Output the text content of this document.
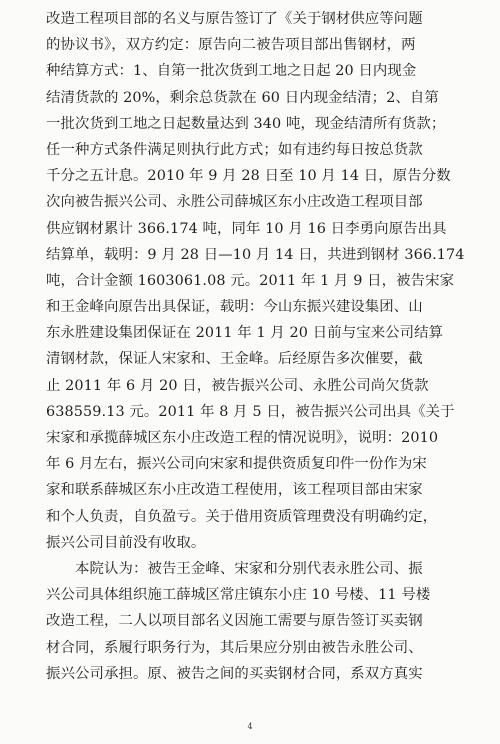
改造工程项目部的名义与原告签订了《关于钢材供应等问题
的协议书》，双方约定：原告向二被告项目部出售钢材，两
种结算方式：1、自第一批次货到工地之日起 20 日内现金
结清货款的 20%，剩余总货款在 60 日内现金结清；2、自第
一批次货到工地之日起数量达到 340 吨，现金结清所有货款；
任一种方式条件满足则执行此方式；如有违约每日按总货款
千分之五计息。2010 年 9 月 28 日至 10 月 14 日，原告分数
次向被告振兴公司、永胜公司薛城区东小庄改造工程项目部
供应钢材累计 366.174 吨，同年 10 月 16 日李勇向原告出具
结算单，载明：9 月 28 日—10 月 14 日，共进到钢材 366.174
吨，合计金额 1603061.08 元。2011 年 1 月 9 日，被告宋家
和王金峰向原告出具保证，载明：今山东振兴建设集团、山
东永胜建设集团保证在 2011 年 1 月 20 日前与宝来公司结算
清钢材款，保证人宋家和、王金峰。后经原告多次催要，截
止 2011 年 6 月 20 日，被告振兴公司、永胜公司尚欠货款
638559.13 元。2011 年 8 月 5 日，被告振兴公司出具《关于
宋家和承揽薛城区东小庄改造工程的情况说明》，说明：2010
年 6 月左右，振兴公司向宋家和提供资质复印件一份作为宋
家和联系薛城区东小庄改造工程使用，该工程项目部由宋家
和个人负责，自负盈亏。关于借用资质管理费没有明确约定，
振兴公司目前没有收取。
本院认为：被告王金峰、宋家和分别代表永胜公司、振
兴公司具体组织施工薛城区常庄镇东小庄 10 号楼、11 号楼
改造工程，二人以项目部名义因施工需要与原告签订买卖钢
材合同，系履行职务行为，其后果应分别由被告永胜公司、
振兴公司承担。原、被告之间的买卖钢材合同，系双方真实
4
